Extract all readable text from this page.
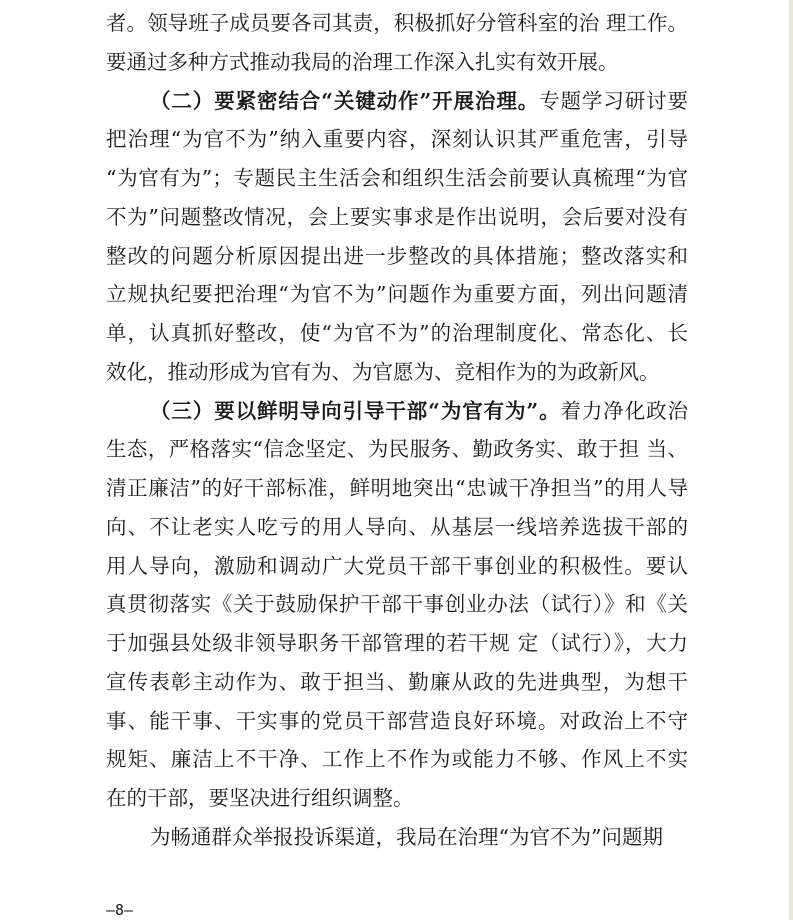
者。领导班子成员要各司其责，积极抓好分管科室的治 理工作。
要通过多种方式推动我局的治理工作深入扎实有效开展。
（二）要紧密结合“关键动作”开展治理。专题学习研讨要
把治理“为官不为”纳入重要内容，深刻认识其严重危害，引导
“为官有为”；专题民主生活会和组织生活会前要认真梳理“为官
不为”问题整改情况，会上要实事求是作出说明，会后要对没有
整改的问题分析原因提出进一步整改的具体措施；整改落实和
立规执纪要把治理“为官不为”问题作为重要方面，列出问题清
单，认真抓好整改，使“为官不为”的治理制度化、常态化、长
效化，推动形成为官有为、为官愿为、竞相作为的为政新风。
（三）要以鲜明导向引导干部“为官有为”。着力净化政治
生态，严格落实“信念坚定、为民服务、勤政务实、敢于担 当、
清正廉洁”的好干部标准，鲜明地突出“忠诚干净担当”的用人导
向、不让老实人吃亏的用人导向、从基层一线培养选拔干部的
用人导向，激励和调动广大党员干部干事创业的积极性。要认
真贯彻落实《关于鼓励保护干部干事创业办法（试行）》和《关
于加强县处级非领导职务干部管理的若干规 定（试行）》，大力
宣传表彰主动作为、敢于担当、勤廉从政的先进典型，为想干
事、能干事、干实事的党员干部营造良好环境。对政治上不守
规矩、廉洁上不干净、工作上不作为或能力不够、作风上不实
在的干部，要坚决进行组织调整。
为畅通群众举报投诉渠道，我局在治理“为官不为”问题期
–8–
